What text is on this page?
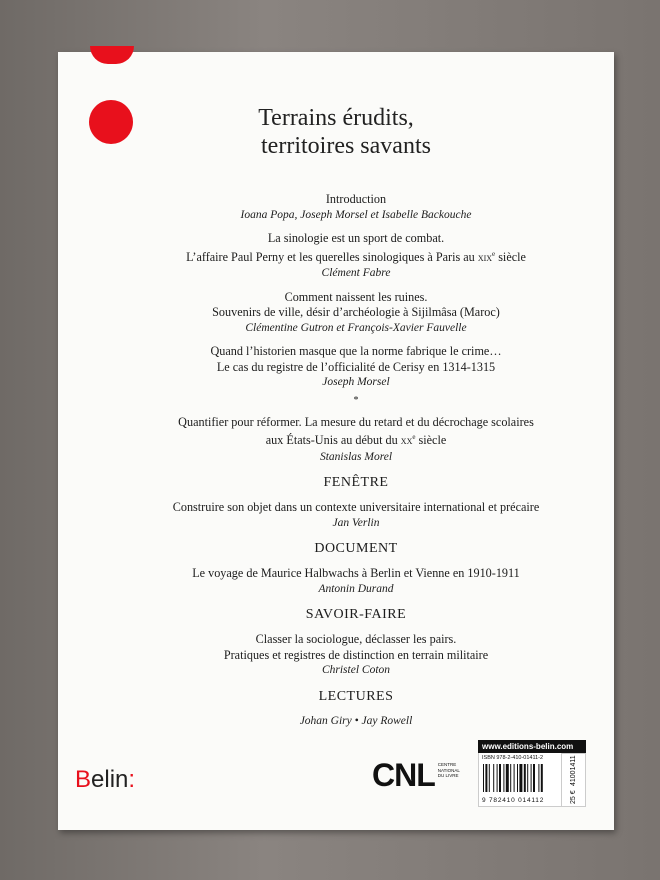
Terrains érudits,
territoires savants
Introduction
Ioana Popa, Joseph Morsel et Isabelle Backouche
La sinologie est un sport de combat.
L’affaire Paul Perny et les querelles sinologiques à Paris au xix$^e$ siècle
Clément Fabre
Comment naissent les ruines.
Souvenirs de ville, désir d’archéologie à Sijilmâsa (Maroc)
Clémentine Gutron et François-Xavier Fauvelle
Quand l’historien masque que la norme fabrique le crime…
Le cas du registre de l’officialité de Cerisy en 1314-1315
Joseph Morsel
*
Quantifier pour réformer. La mesure du retard et du décrochage scolaires
aux États-Unis au début du $xx^e$ siècle
Stanislas Morel
FENÊTRE
Construire son objet dans un contexte universitaire international et précaire
Jan Verlin
DOCUMENT
Le voyage de Maurice Halbwachs à Berlin et Vienne en 1910-1911
Antonin Durand
SAVOIR-FAIRE
Classer la sociologue, déclasser les pairs.
Pratiques et registres de distinction en terrain militaire
Christel Coton
LECTURES
Johan Giry • Jay Rowell
Belin:	CNL CENTRE
NATIONAL
DU LIVRE
www.editions-belin.com
ISBN 978-2-410-01411-2
9 782410 014112
41001411
25 €
